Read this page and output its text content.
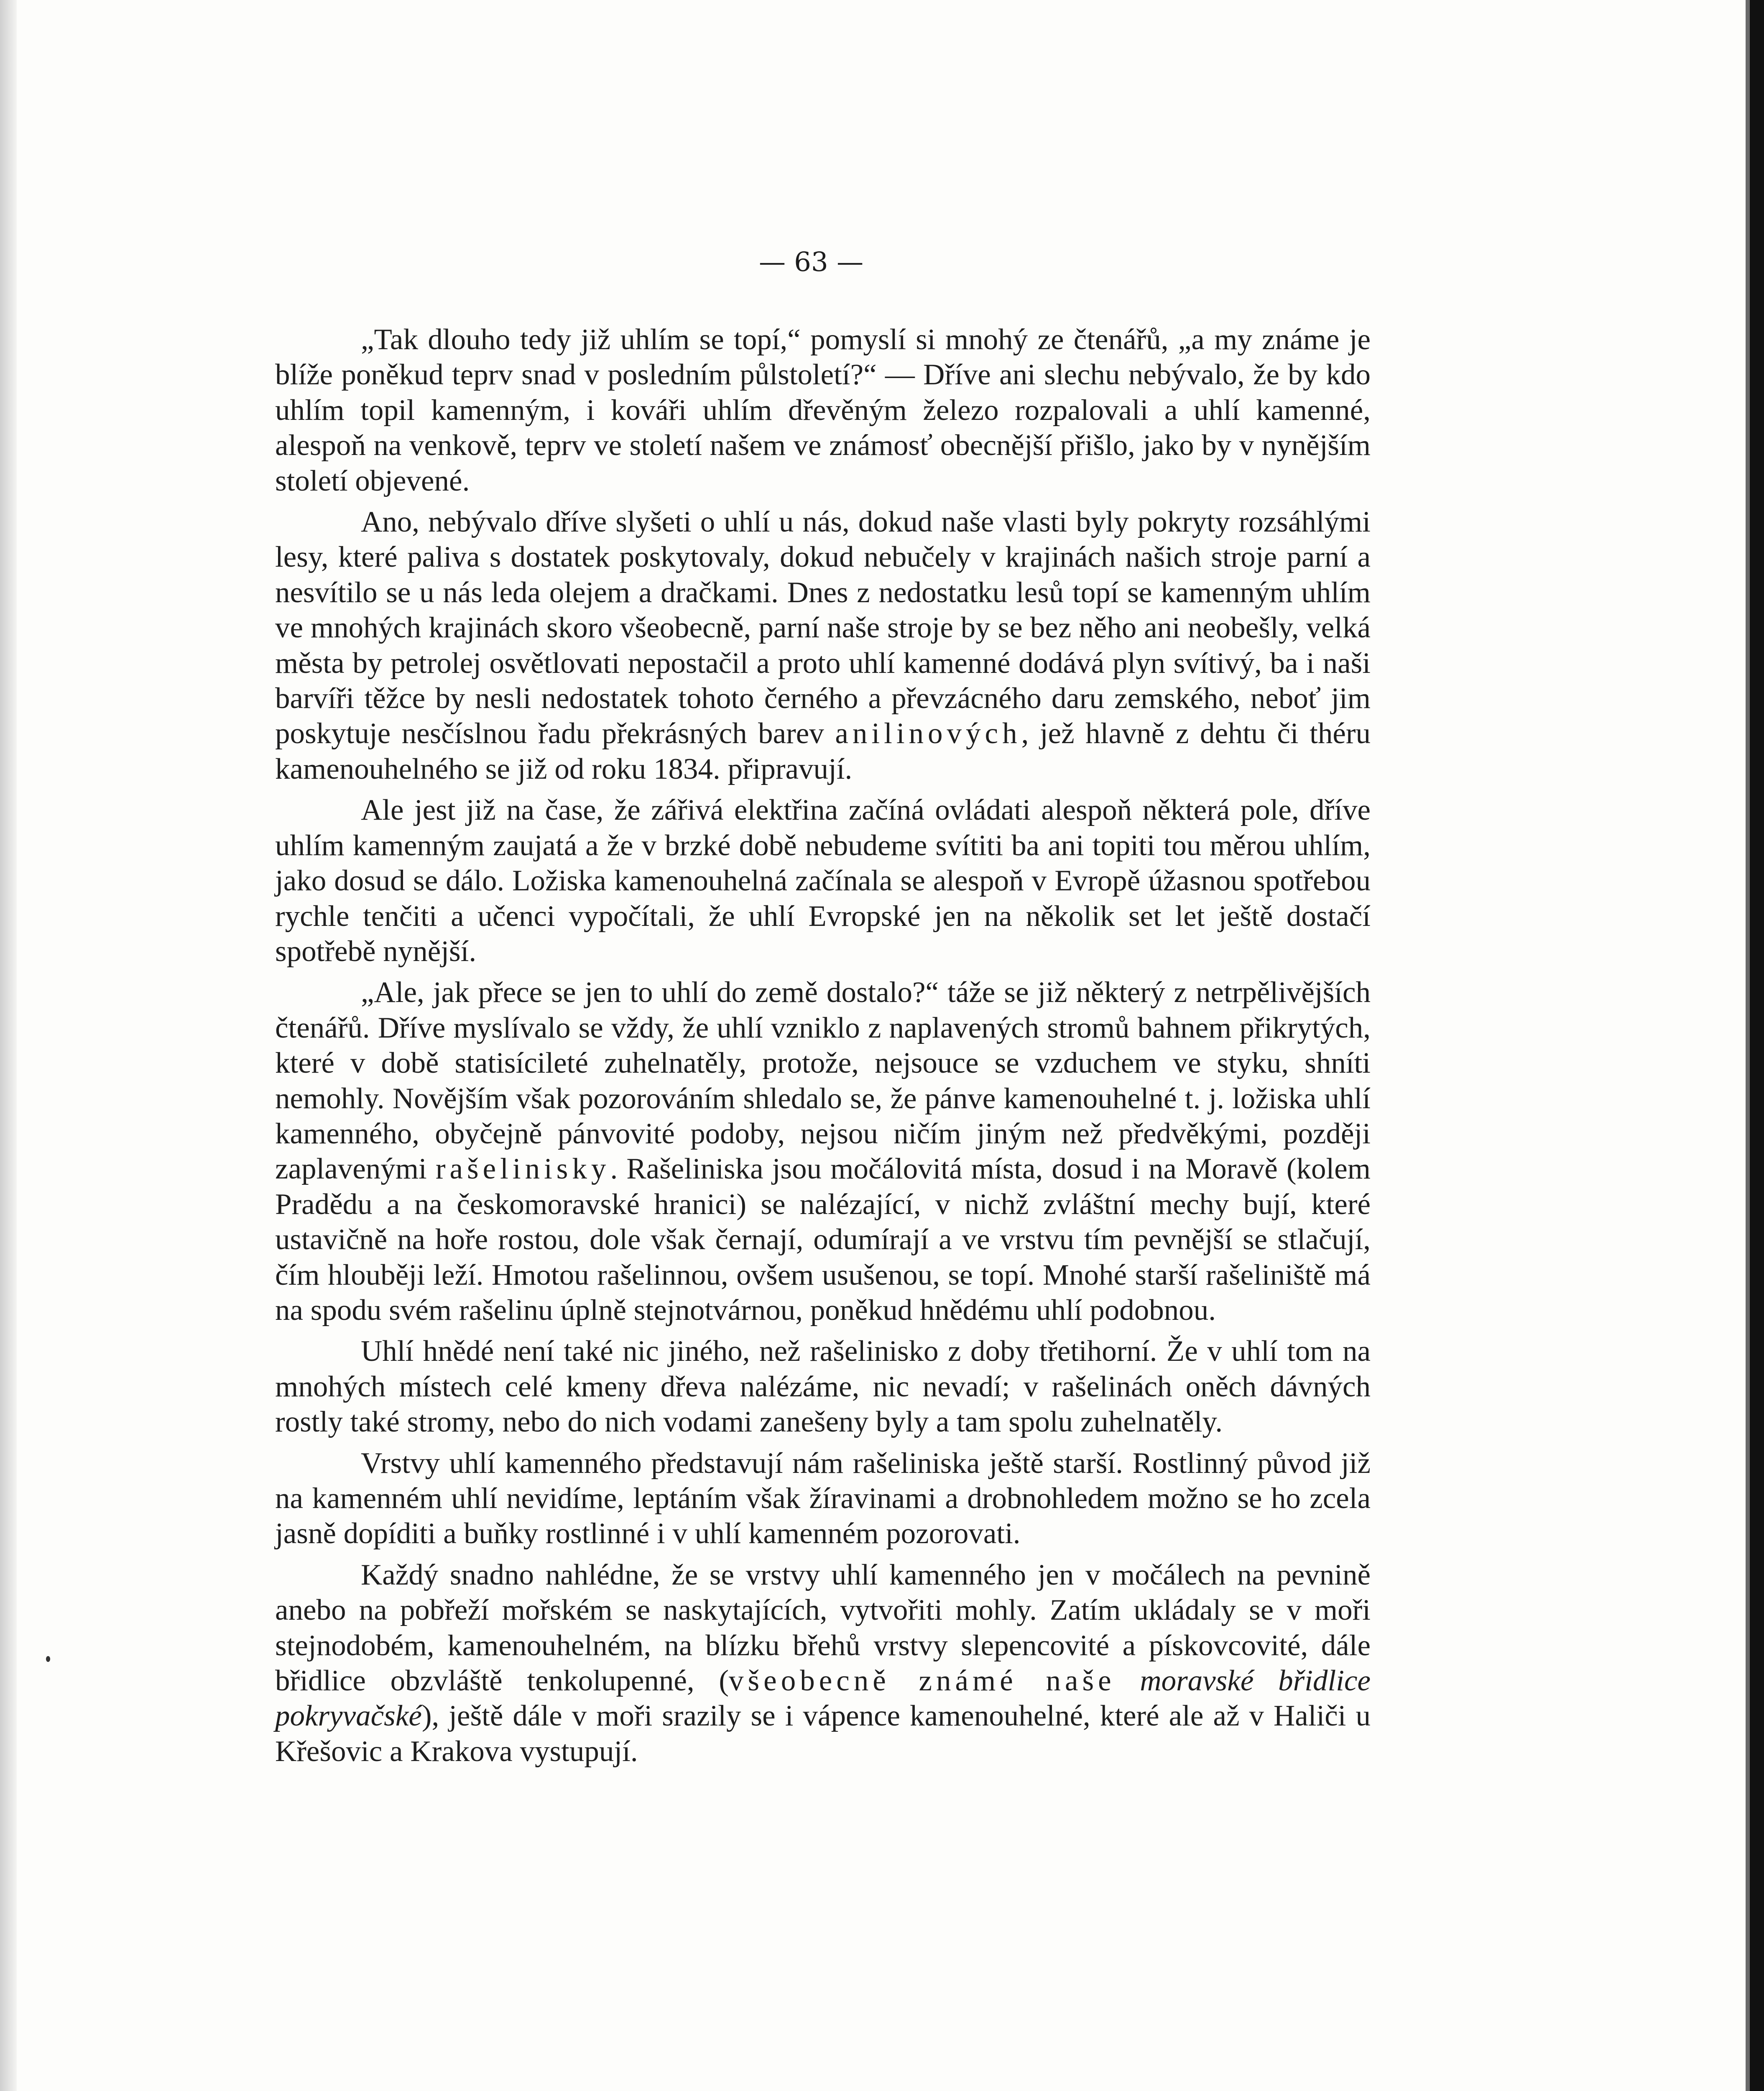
— 63 —

„Tak dlouho tedy již uhlím se topí,“ pomyslí si mnohý ze čtenářů, „a my známe je blíže poněkud teprv snad v posledním půlstoletí?“ — Dříve ani slechu nebývalo, že by kdo uhlím topil kamenným, i kováři uhlím dřevěným železo rozpalovali a uhlí kamenné, alespoň na venkově, teprv ve století našem ve známosť obecnější přišlo, jako by v nynějším století objevené.

Ano, nebývalo dříve slyšeti o uhlí u nás, dokud naše vlasti byly pokryty rozsáhlými lesy, které paliva s dostatek poskytovaly, dokud nebučely v krajinách našich stroje parní a nesvítilo se u nás leda olejem a dračkami. Dnes z nedostatku lesů topí se kamenným uhlím ve mnohých krajinách skoro všeobecně, parní naše stroje by se bez něho ani neobešly, velká města by petrolej osvětlovati nepostačil a proto uhlí kamenné dodává plyn svítivý, ba i naši barvíři těžce by nesli nedostatek tohoto černého a převzácného daru zemského, neboť jim poskytuje nesčíslnou řadu překrásných barev anilinových, jež hlavně z dehtu či théru kamenouhelného se již od roku 1834. připravují.

Ale jest již na čase, že zářivá elektřina začíná ovládati alespoň některá pole, dříve uhlím kamenným zaujatá a že v brzké době nebudeme svítiti ba ani topiti tou měrou uhlím, jako dosud se dálo. Ložiska kamenouhelná začínala se alespoň v Evropě úžasnou spotřebou rychle tenčiti a učenci vypočítali, že uhlí Evropské jen na několik set let ještě dostačí spotřebě nynější.

„Ale, jak přece se jen to uhlí do země dostalo?“ táže se již některý z netrpělivějších čtenářů. Dříve myslívalo se vždy, že uhlí vzniklo z naplavených stromů bahnem přikrytých, které v době statisícileté zuhelnatěly, protože, nejsouce se vzduchem ve styku, shníti nemohly. Novějším však pozorováním shledalo se, že pánve kamenouhelné t. j. ložiska uhlí kamenného, obyčejně pánvovité podoby, nejsou ničím jiným než předvěkými, později zaplavenými rašelinisky. Rašeliniska jsou močálovitá místa, dosud i na Moravě (kolem Pradědu a na českomoravské hranici) se nalézající, v nichž zvláštní mechy bují, které ustavičně na hoře rostou, dole však černají, odumírají a ve vrstvu tím pevnější se stlačují, čím hlouběji leží. Hmotou rašelinnou, ovšem usušenou, se topí. Mnohé starší rašeliniště má na spodu svém rašelinu úplně stejnotvárnou, poněkud hnědému uhlí podobnou.

Uhlí hnědé není také nic jiného, než rašelinisko z doby třetihorní. Že v uhlí tom na mnohých místech celé kmeny dřeva nalézáme, nic nevadí; v rašelinách oněch dávných rostly také stromy, nebo do nich vodami zanešeny byly a tam spolu zuhelnatěly.

Vrstvy uhlí kamenného představují nám rašeliniska ještě starší. Rostlinný původ již na kamenném uhlí nevidíme, leptáním však žíravinami a drobnohledem možno se ho zcela jasně dopíditi a buňky rostlinné i v uhlí kamenném pozorovati.

Každý snadno nahlédne, že se vrstvy uhlí kamenného jen v močálech na pevnině anebo na pobřeží mořském se naskytajících, vytvořiti mohly. Zatím ukládaly se v moři stejnodobém, kamenouhelném, na blízku břehů vrstvy slepencovité a pískovcovité, dále břidlice obzvláště tenkolupenné, (všeobecně známé naše moravské břidlice pokryvačské), ještě dále v moři srazily se i vápence kamenouhelné, které ale až v Haliči u Křešovic a Krakova vystupují.
